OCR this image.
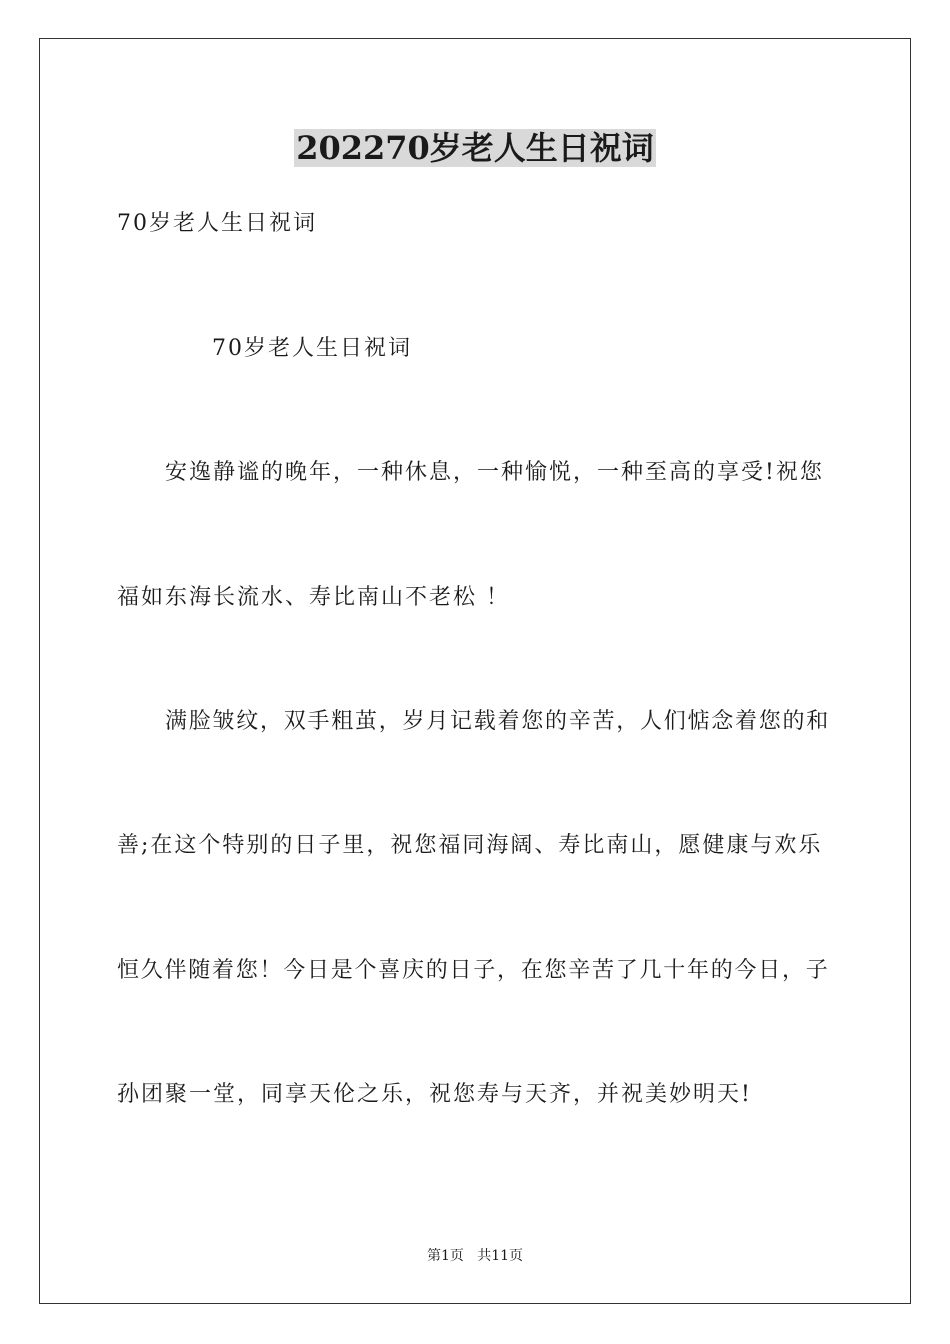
202270岁老人生日祝词
70岁老人生日祝词
70岁老人生日祝词
安逸静谧的晚年，一种休息，一种愉悦，一种至高的享受!祝您
福如东海长流水、寿比南山不老松 ！
满脸皱纹，双手粗茧，岁月记载着您的辛苦，人们惦念着您的和
善;在这个特别的日子里，祝您福同海阔、寿比南山，愿健康与欢乐
恒久伴随着您！今日是个喜庆的日子，在您辛苦了几十年的今日，子
孙团聚一堂，同享天伦之乐，祝您寿与天齐，并祝美妙明天!
第1页   共11页
